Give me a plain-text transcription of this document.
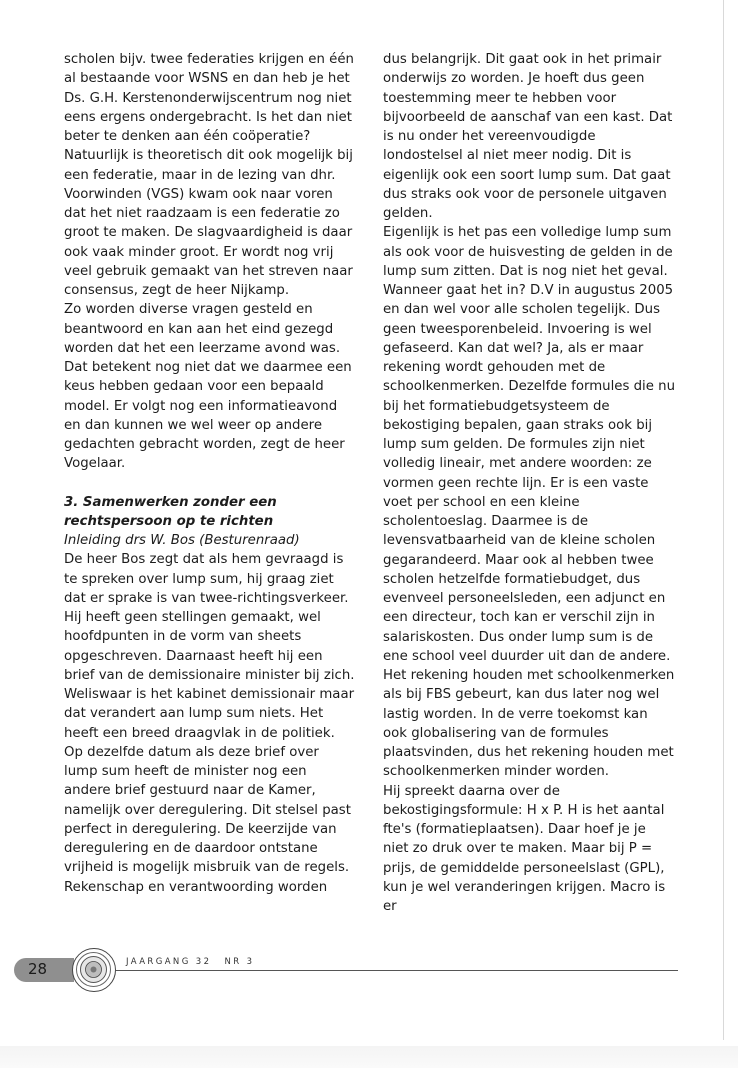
scholen bijv. twee federaties krijgen en één al bestaande voor WSNS en dan heb je het Ds. G.H. Kerstenonderwijscentrum nog niet eens ergens ondergebracht. Is het dan niet beter te denken aan één coöperatie? Natuurlijk is theoretisch dit ook mogelijk bij een federatie, maar in de lezing van dhr. Voorwinden (VGS) kwam ook naar voren dat het niet raadzaam is een federatie zo groot te maken. De slagvaardigheid is daar ook vaak minder groot. Er wordt nog vrij veel gebruik gemaakt van het streven naar consensus, zegt de heer Nijkamp.

Zo worden diverse vragen gesteld en beantwoord en kan aan het eind gezegd worden dat het een leerzame avond was. Dat betekent nog niet dat we daarmee een keus hebben gedaan voor een bepaald model. Er volgt nog een informatieavond en dan kunnen we wel weer op andere gedachten gebracht worden, zegt de heer Vogelaar.

3. Samenwerken zonder een rechtspersoon op te richten

Inleiding drs W. Bos (Besturenraad)

De heer Bos zegt dat als hem gevraagd is te spreken over lump sum, hij graag ziet dat er sprake is van twee-richtingsverkeer. Hij heeft geen stellingen gemaakt, wel hoofdpunten in de vorm van sheets opgeschreven. Daarnaast heeft hij een brief van de demissionaire minister bij zich. Weliswaar is het kabinet demissionair maar dat verandert aan lump sum niets. Het heeft een breed draagvlak in de politiek. Op dezelfde datum als deze brief over lump sum heeft de minister nog een andere brief gestuurd naar de Kamer, namelijk over deregulering. Dit stelsel past perfect in deregulering. De keerzijde van deregulering en de daardoor ontstane vrijheid is mogelijk misbruik van de regels. Rekenschap en verantwoording worden

dus belangrijk. Dit gaat ook in het primair onderwijs zo worden. Je hoeft dus geen toestemming meer te hebben voor bijvoorbeeld de aanschaf van een kast. Dat is nu onder het vereenvoudigde londostelsel al niet meer nodig. Dit is eigenlijk ook een soort lump sum. Dat gaat dus straks ook voor de personele uitgaven gelden.

Eigenlijk is het pas een volledige lump sum als ook voor de huisvesting de gelden in de lump sum zitten. Dat is nog niet het geval.

Wanneer gaat het in? D.V in augustus 2005 en dan wel voor alle scholen tegelijk. Dus geen tweesporenbeleid. Invoering is wel gefaseerd. Kan dat wel? Ja, als er maar rekening wordt gehouden met de schoolkenmerken. Dezelfde formules die nu bij het formatiebudgetsysteem de bekostiging bepalen, gaan straks ook bij lump sum gelden. De formules zijn niet volledig lineair, met andere woorden: ze vormen geen rechte lijn. Er is een vaste voet per school en een kleine scholentoeslag. Daarmee is de levensvatbaarheid van de kleine scholen gegarandeerd. Maar ook al hebben twee scholen hetzelfde formatiebudget, dus evenveel personeelsleden, een adjunct en een directeur, toch kan er verschil zijn in salariskosten. Dus onder lump sum is de ene school veel duurder uit dan de andere. Het rekening houden met schoolkenmerken als bij FBS gebeurt, kan dus later nog wel lastig worden. In de verre toekomst kan ook globalisering van de formules plaatsvinden, dus het rekening houden met schoolkenmerken minder worden.

Hij spreekt daarna over de bekostigingsformule: H x P. H is het aantal fte's (formatieplaatsen). Daar hoef je je niet zo druk over te maken. Maar bij P = prijs, de gemiddelde personeelslast (GPL), kun je wel veranderingen krijgen. Macro is er

28	JAARGANG 32 NR 3
